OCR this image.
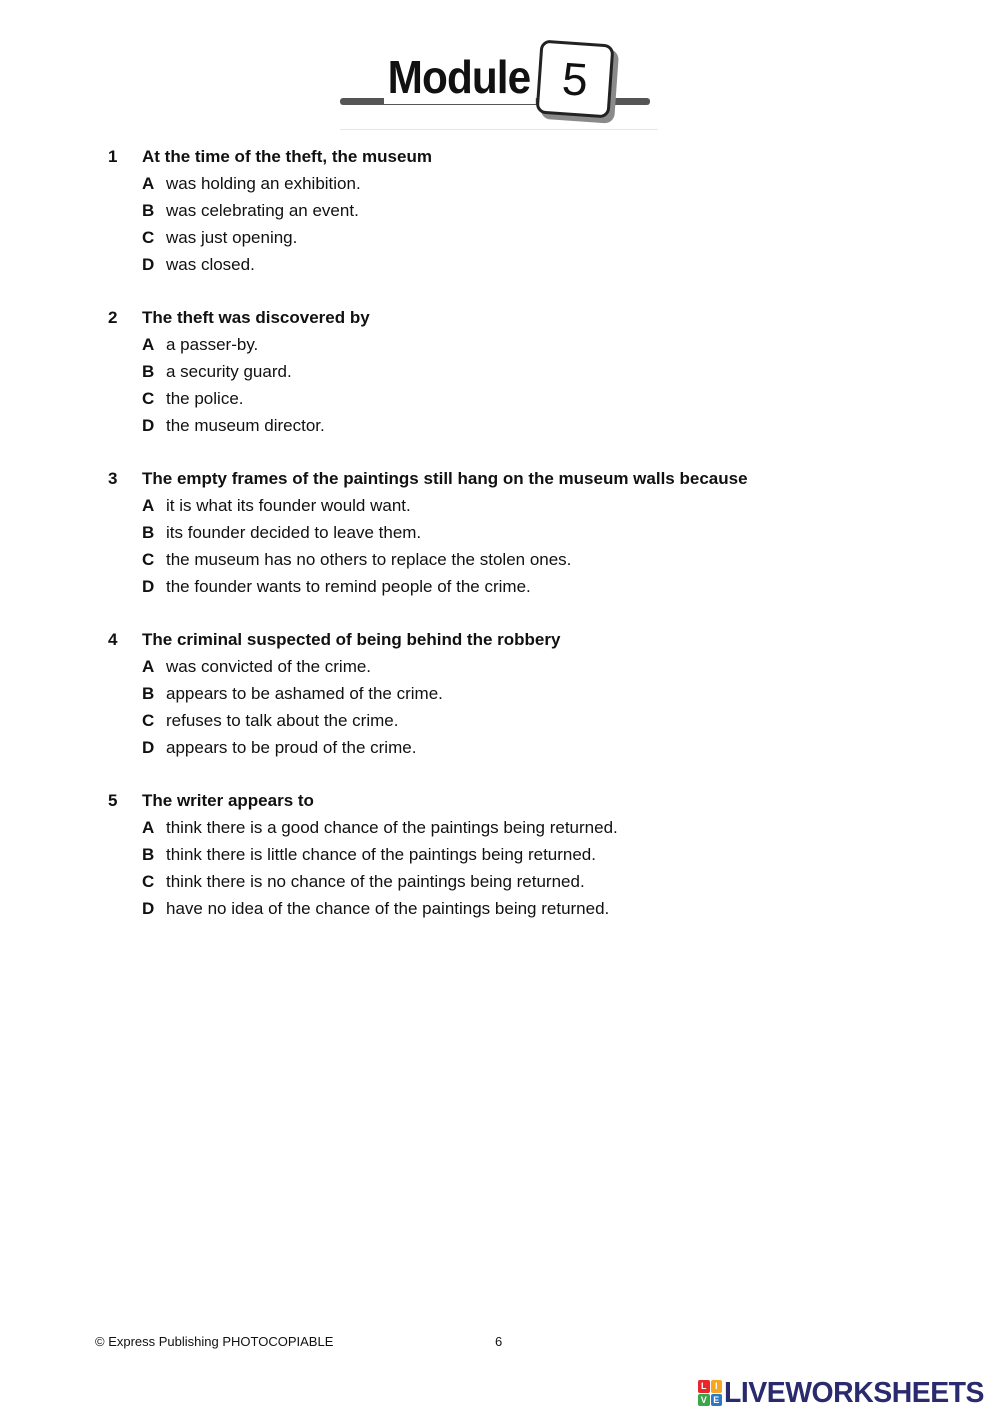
Module 5
1	At the time of the theft, the museum
A was holding an exhibition.
B was celebrating an event.
C was just opening.
D was closed.
2	The theft was discovered by
A a passer-by.
B a security guard.
C the police.
D the museum director.
3	The empty frames of the paintings still hang on the museum walls because
A it is what its founder would want.
B its founder decided to leave them.
C the museum has no others to replace the stolen ones.
D the founder wants to remind people of the crime.
4	The criminal suspected of being behind the robbery
A was convicted of the crime.
B appears to be ashamed of the crime.
C refuses to talk about the crime.
D appears to be proud of the crime.
5	The writer appears to
A think there is a good chance of the paintings being returned.
B think there is little chance of the paintings being returned.
C think there is no chance of the paintings being returned.
D have no idea of the chance of the paintings being returned.
© Express Publishing PHOTOCOPIABLE	6
L I
V E LIVEWORKSHEETS
